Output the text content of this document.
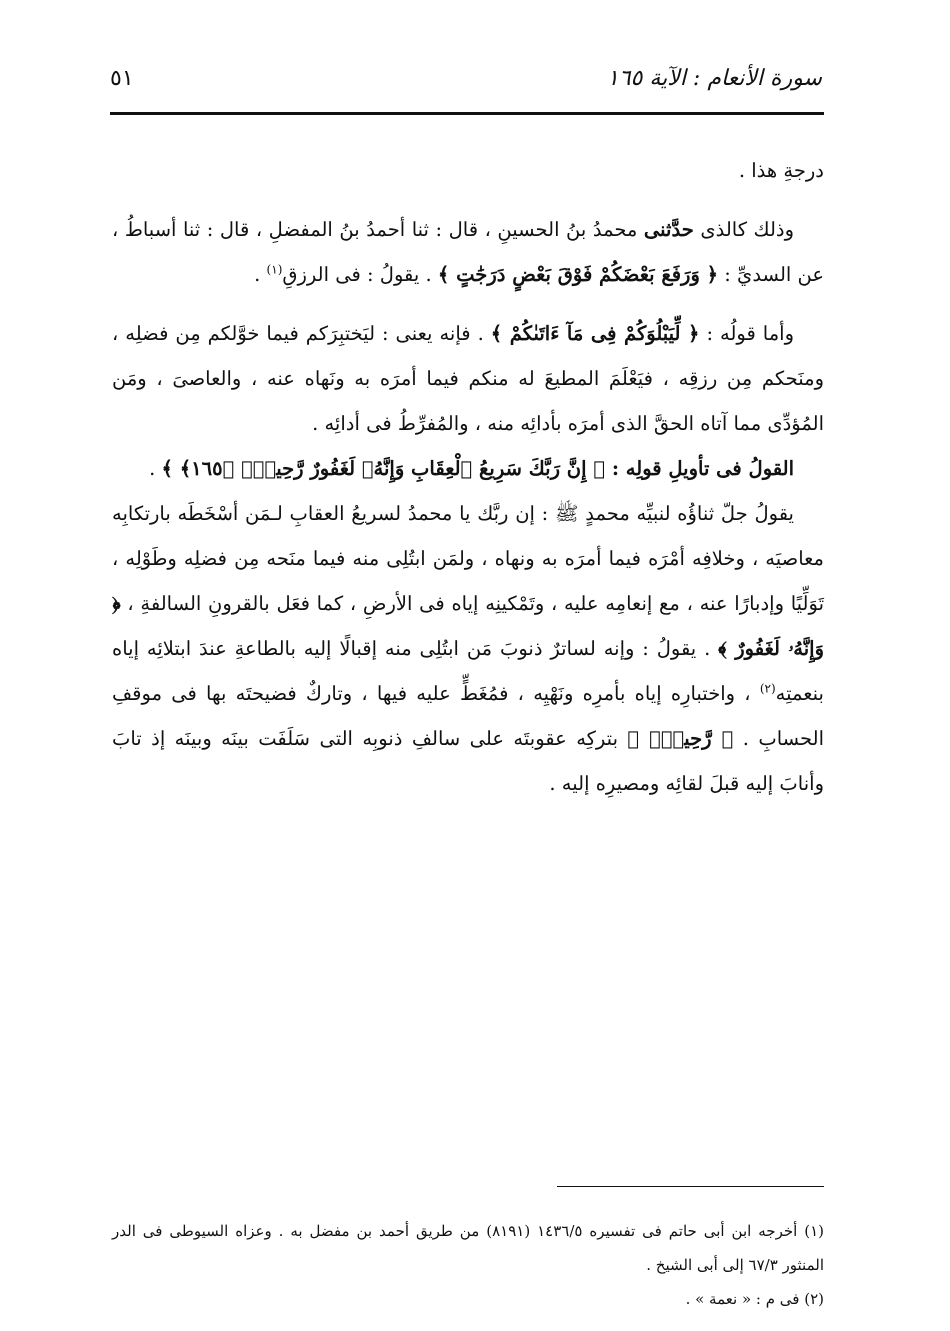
سورة الأنعام : الآية ١٦٥
٥١

درجةِ هذا .

وذلك كالذى حدَّثنى محمدُ بنُ الحسينِ ، قال : ثنا أحمدُ بنُ المفضلِ ، قال : ثنا أسباطُ ، عن السديِّ : ﴿ وَرَفَعَ بَعْضَكُمْ فَوْقَ بَعْضٍ دَرَجَٰتٍ ﴾ . يقولُ : فى الرزقِ$^{(١)}$ .

وأما قولُه : ﴿ لِّيَبْلُوَكُمْ فِى مَآ ءَاتَىٰكُمْ ﴾ . فإنه يعنى : ليَختبِرَكم فيما خوَّلكم مِن فضلِه ، ومنَحكم مِن رزقِه ، فيَعْلَمَ المطيعَ له منكم فيما أمرَه به ونَهاه عنه ، والعاصىَ ، ومَن المُؤدِّى مما آتاه الحقَّ الذى أمرَه بأدائِه منه ، والمُفرِّطُ فى أدائِه .

القولُ فى تأويلِ قولِه : ﴿ إِنَّ رَبَّكَ سَرِيعُ ٱلْعِقَابِ وَإِنَّهُۥ لَغَفُورٌ رَّحِيمٌۢ ﴿١٦٥﴾ ﴾ .

يقولُ جلّ ثناؤُه لنبيِّه محمدٍ ﷺ : إن ربَّك يا محمدُ لسريعُ العقابِ لـمَن أسْخَطَه بارتكابِه معاصيَه ، وخلافِه أمْرَه فيما أمرَه به ونهاه ، ولمَن ابتُلِى منه فيما منَحه مِن فضلِه وطَوْلِه ، تَوَلِّيًا وإدبارًا عنه ، مع إنعامِه عليه ، وتَمْكينِه إياه فى الأرضِ ، كما فعَل بالقرونِ السالفةِ ، ﴿ وَإِنَّهُۥ لَغَفُورٌ ﴾ . يقولُ : وإنه لساترٌ ذنوبَ مَن ابتُلِى منه إقبالًا إليه بالطاعةِ عندَ ابتلائِه إياه بنعمتِه$^{(٢)}$ ، واختبارِه إياه بأمرِه ونَهْيِه ، فمُغَطٍّ عليه فيها ، وتاركٌ فضيحتَه بها فى موقفِ الحسابِ . ﴿ رَّحِيمٌۢ ﴾ بتركِه عقوبتَه على سالفِ ذنوبِه التى سَلَفَت بينَه وبينَه إذ تابَ وأنابَ إليه قبلَ لقائِه ومصيرِه إليه .

(١) أخرجه ابن أبى حاتم فى تفسيره ١٤٣٦/٥ (٨١٩١) من طريق أحمد بن مفضل به . وعزاه السيوطى فى الدر المنثور ٦٧/٣ إلى أبى الشيخ .

(٢) فى م : « نعمة » .
